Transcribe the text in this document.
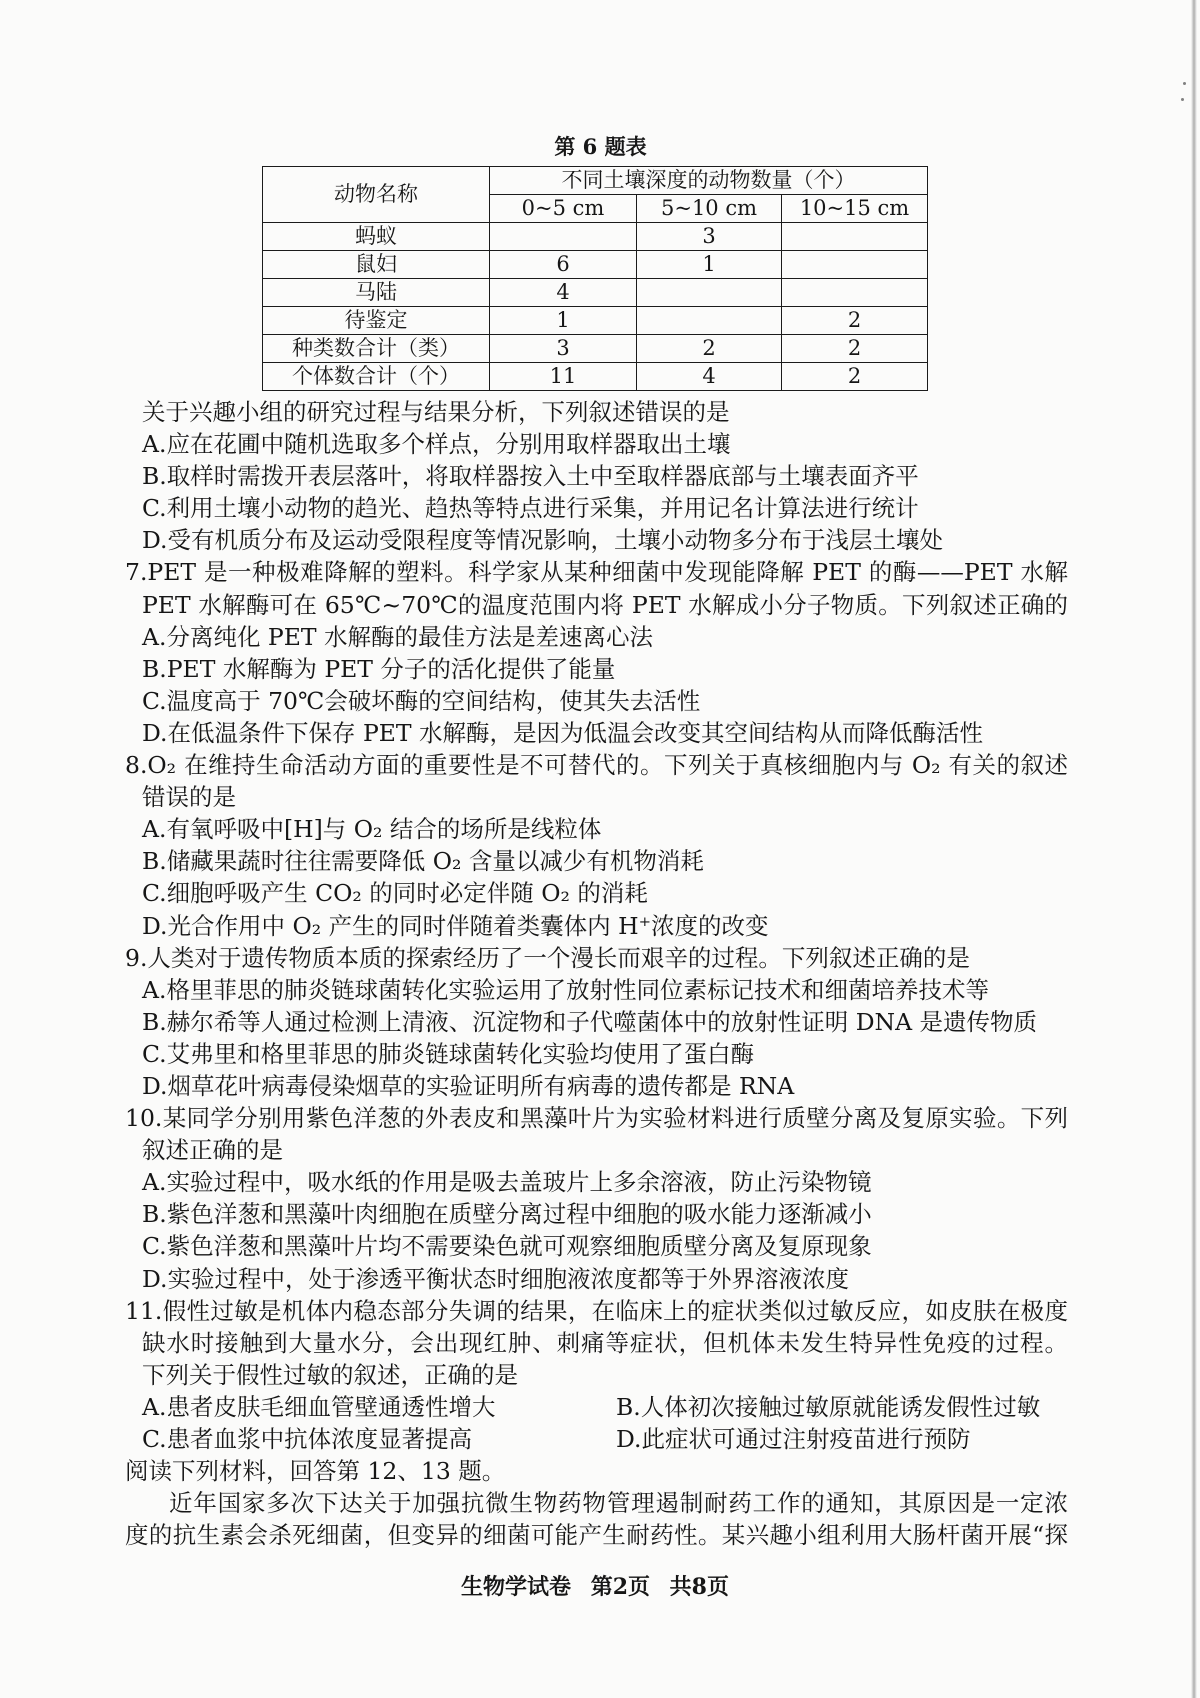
第 6 题表
动物名称	不同土壤深度的动物数量（个）		
	0~5 cm	5~10 cm	10~15 cm
蚂蚁		3	
鼠妇	6	1	
马陆	4		
待鉴定	1		2
种类数合计（类）	3	2	2
个体数合计（个）	11	4	2
关于兴趣小组的研究过程与结果分析，下列叙述错误的是
A.应在花圃中随机选取多个样点，分别用取样器取出土壤
B.取样时需拨开表层落叶，将取样器按入土中至取样器底部与土壤表面齐平
C.利用土壤小动物的趋光、趋热等特点进行采集，并用记名计算法进行统计
D.受有机质分布及运动受限程度等情况影响，土壤小动物多分布于浅层土壤处
7.PET 是一种极难降解的塑料。科学家从某种细菌中发现能降解 PET 的酶——PET 水解
PET 水解酶可在 65℃~70℃的温度范围内将 PET 水解成小分子物质。下列叙述正确的
A.分离纯化 PET 水解酶的最佳方法是差速离心法
B.PET 水解酶为 PET 分子的活化提供了能量
C.温度高于 70℃会破坏酶的空间结构，使其失去活性
D.在低温条件下保存 PET 水解酶，是因为低温会改变其空间结构从而降低酶活性
8.O₂ 在维持生命活动方面的重要性是不可替代的。下列关于真核细胞内与 O₂ 有关的叙述
错误的是
A.有氧呼吸中[H]与 O₂ 结合的场所是线粒体
B.储藏果蔬时往往需要降低 O₂ 含量以减少有机物消耗
C.细胞呼吸产生 CO₂ 的同时必定伴随 O₂ 的消耗
D.光合作用中 O₂ 产生的同时伴随着类囊体内 H⁺浓度的改变
9.人类对于遗传物质本质的探索经历了一个漫长而艰辛的过程。下列叙述正确的是
A.格里菲思的肺炎链球菌转化实验运用了放射性同位素标记技术和细菌培养技术等
B.赫尔希等人通过检测上清液、沉淀物和子代噬菌体中的放射性证明 DNA 是遗传物质
C.艾弗里和格里菲思的肺炎链球菌转化实验均使用了蛋白酶
D.烟草花叶病毒侵染烟草的实验证明所有病毒的遗传都是 RNA
10.某同学分别用紫色洋葱的外表皮和黑藻叶片为实验材料进行质壁分离及复原实验。下列
叙述正确的是
A.实验过程中，吸水纸的作用是吸去盖玻片上多余溶液，防止污染物镜
B.紫色洋葱和黑藻叶肉细胞在质壁分离过程中细胞的吸水能力逐渐减小
C.紫色洋葱和黑藻叶片均不需要染色就可观察细胞质壁分离及复原现象
D.实验过程中，处于渗透平衡状态时细胞液浓度都等于外界溶液浓度
11.假性过敏是机体内稳态部分失调的结果，在临床上的症状类似过敏反应，如皮肤在极度
缺水时接触到大量水分，会出现红肿、刺痛等症状，但机体未发生特异性免疫的过程。
下列关于假性过敏的叙述，正确的是
A.患者皮肤毛细血管壁通透性增大	B.人体初次接触过敏原就能诱发假性过敏
C.患者血浆中抗体浓度显著提高	D.此症状可通过注射疫苗进行预防
阅读下列材料，回答第 12、13 题。
近年国家多次下达关于加强抗微生物药物管理遏制耐药工作的通知，其原因是一定浓
度的抗生素会杀死细菌，但变异的细菌可能产生耐药性。某兴趣小组利用大肠杆菌开展“探
生物学试卷 第2页 共8页
